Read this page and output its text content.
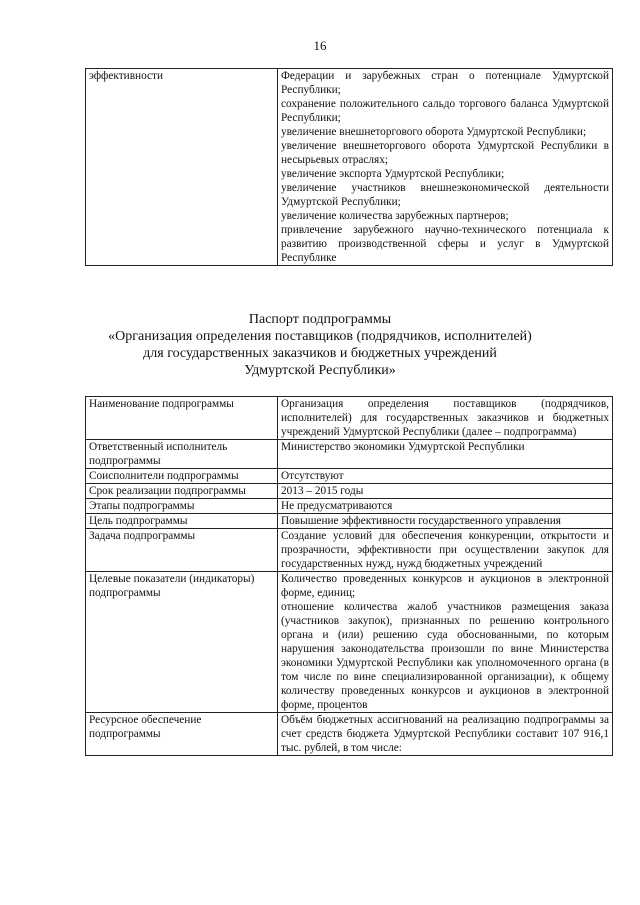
16
эффективности	Федерации и зарубежных стран о потенциале Удмуртской Республики;

сохранение положительного сальдо торгового баланса Удмуртской Республики;

увеличение внешнеторгового оборота Удмуртской Республики;

увеличение внешнеторгового оборота Удмуртской Республики в несырьевых отраслях;

увеличение экспорта Удмуртской Республики;

увеличение участников внешнеэкономической деятельности Удмуртской Республики;

увеличение количества зарубежных партнеров;

привлечение зарубежного научно-технического потенциала к развитию производственной сферы и услуг в Удмуртской Республике

Паспорт подпрограммы
«Организация определения поставщиков (подрядчиков, исполнителей)
для государственных заказчиков и бюджетных учреждений
Удмуртской Республики»
Наименование подпрограммы	Организация определения поставщиков (подрядчиков, исполнителей) для государственных заказчиков и бюджетных учреждений Удмуртской Республики (далее – подпрограмма)

Ответственный исполнитель подпрограммы	Министерство экономики Удмуртской Республики

Соисполнители подпрограммы	Отсутствуют

Срок реализации подпрограммы	2013 – 2015 годы

Этапы подпрограммы	Не предусматриваются

Цель подпрограммы	Повышение эффективности государственного управления

Задача подпрограммы	Создание условий для обеспечения конкуренции, открытости и прозрачности, эффективности при осуществлении закупок для государственных нужд, нужд бюджетных учреждений

Целевые показатели (индикаторы) подпрограммы	Количество проведенных конкурсов и аукционов в электронной форме, единиц;

отношение количества жалоб участников размещения заказа (участников закупок), признанных по решению контрольного органа и (или) решению суда обоснованными, по которым нарушения законодательства произошли по вине Министерства экономики Удмуртской Республики как уполномоченного органа (в том числе по вине специализированной организации), к общему количеству проведенных конкурсов и аукционов в электронной форме, процентов

Ресурсное обеспечение подпрограммы	Объём бюджетных ассигнований на реализацию подпрограммы за счет средств бюджета Удмуртской Республики составит 107 916,1 тыс. рублей, в том числе:
